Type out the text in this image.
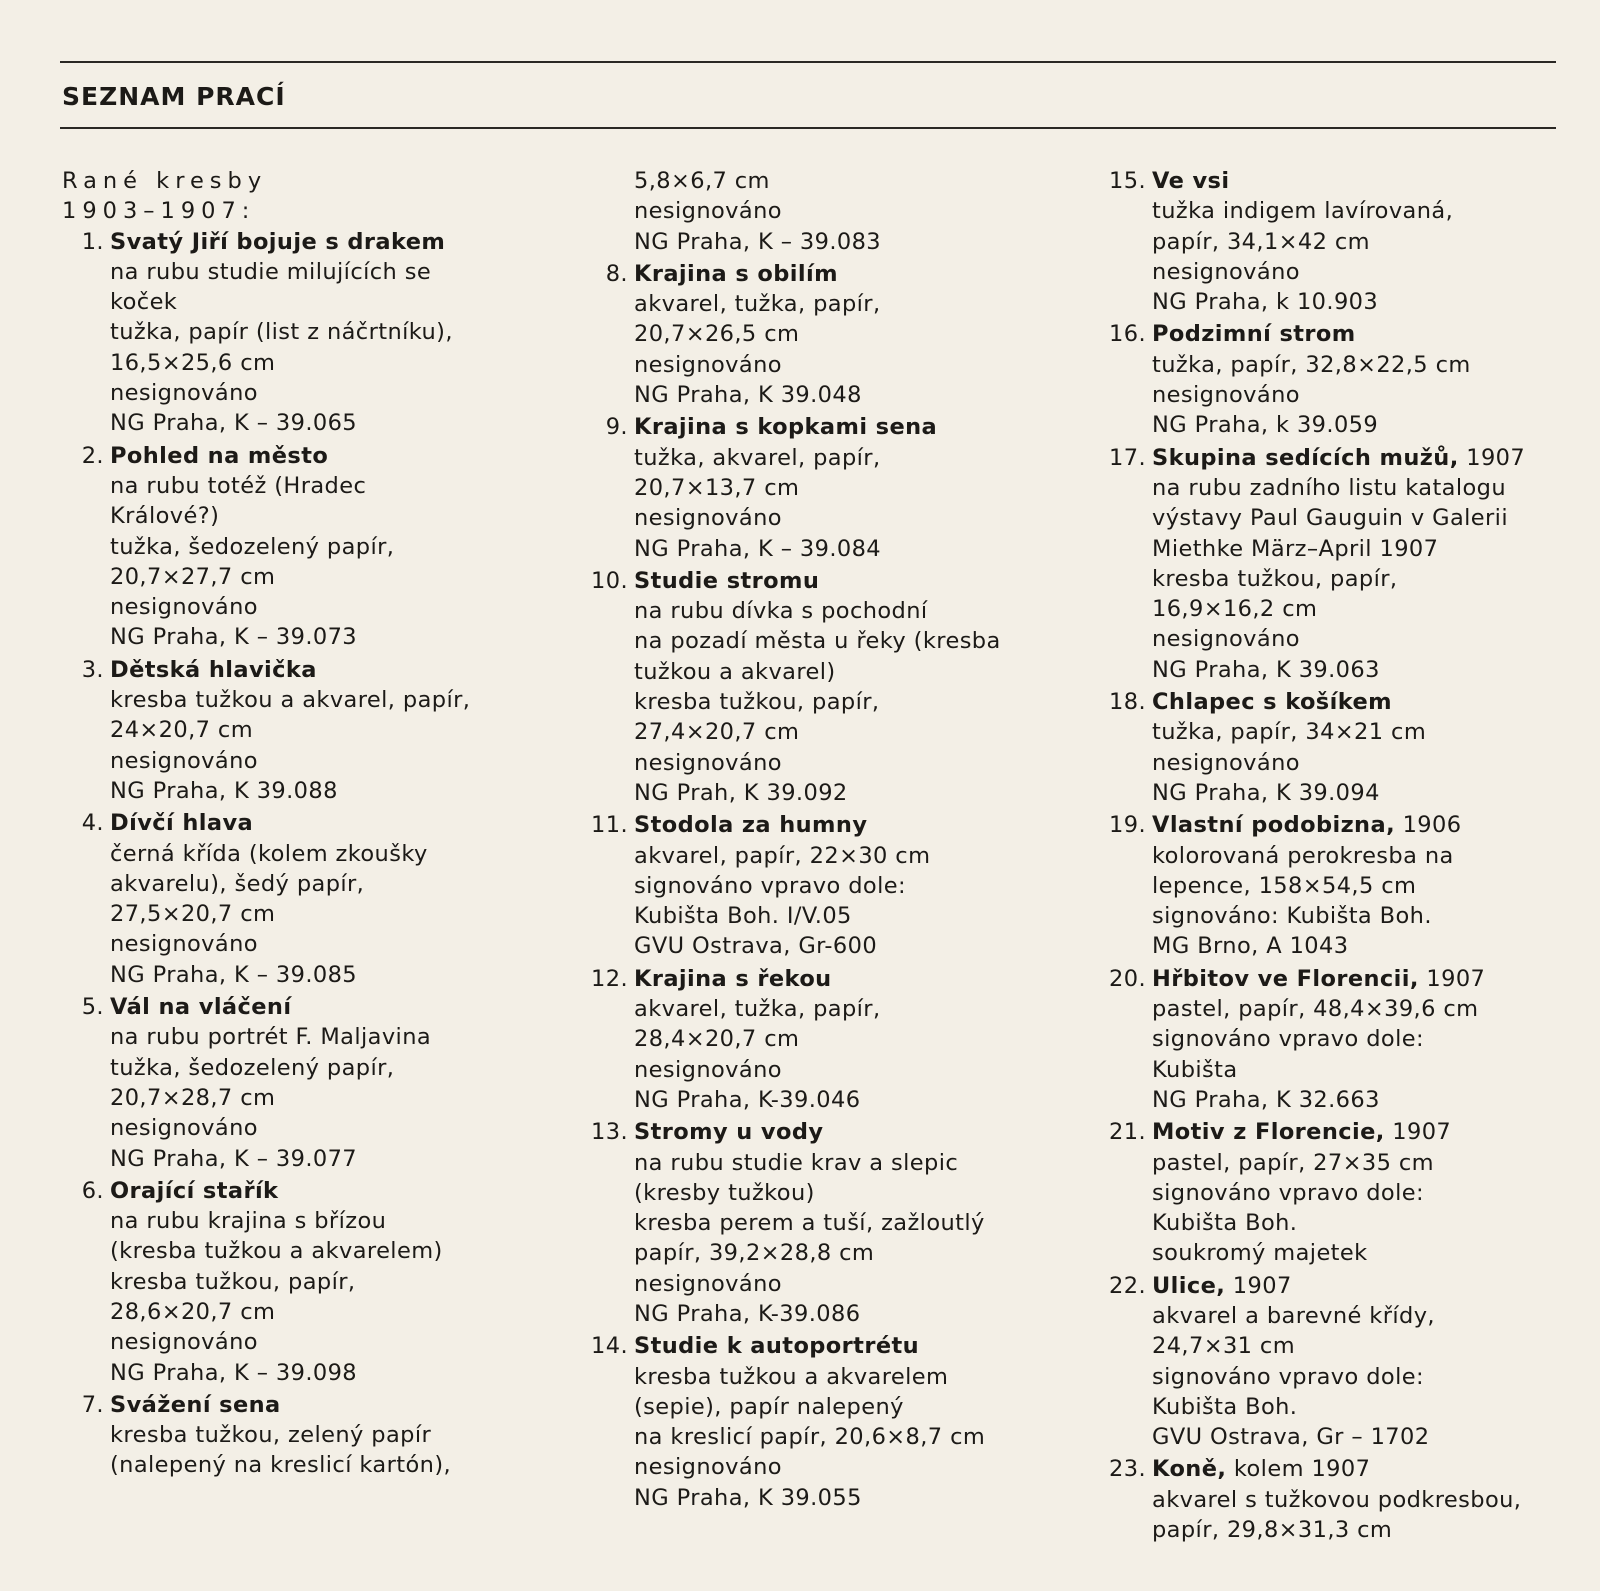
SEZNAM PRACÍ
Rané kresby
1903–1907:
1. Svatý Jiří bojuje s drakem
na rubu studie milujících se
koček
tužka, papír (list z náčrtníku),
16,5×25,6 cm
nesignováno
NG Praha, K – 39.065
2. Pohled na město
na rubu totéž (Hradec
Králové?)
tužka, šedozelený papír,
20,7×27,7 cm
nesignováno
NG Praha, K – 39.073
3. Dětská hlavička
kresba tužkou a akvarel, papír,
24×20,7 cm
nesignováno
NG Praha, K 39.088
4. Dívčí hlava
černá křída (kolem zkoušky
akvarelu), šedý papír,
27,5×20,7 cm
nesignováno
NG Praha, K – 39.085
5. Vál na vláčení
na rubu portrét F. Maljavina
tužka, šedozelený papír,
20,7×28,7 cm
nesignováno
NG Praha, K – 39.077
6. Orající stařík
na rubu krajina s břízou
(kresba tužkou a akvarelem)
kresba tužkou, papír,
28,6×20,7 cm
nesignováno
NG Praha, K – 39.098
7. Svážení sena
kresba tužkou, zelený papír
(nalepený na kreslicí kartón),
5,8×6,7 cm
nesignováno
NG Praha, K – 39.083
8. Krajina s obilím
akvarel, tužka, papír,
20,7×26,5 cm
nesignováno
NG Praha, K 39.048
9. Krajina s kopkami sena
tužka, akvarel, papír,
20,7×13,7 cm
nesignováno
NG Praha, K – 39.084
10. Studie stromu
na rubu dívka s pochodní
na pozadí města u řeky (kresba
tužkou a akvarel)
kresba tužkou, papír,
27,4×20,7 cm
nesignováno
NG Prah, K 39.092
11. Stodola za humny
akvarel, papír, 22×30 cm
signováno vpravo dole:
Kubišta Boh. I/V.05
GVU Ostrava, Gr-600
12. Krajina s řekou
akvarel, tužka, papír,
28,4×20,7 cm
nesignováno
NG Praha, K-39.046
13. Stromy u vody
na rubu studie krav a slepic
(kresby tužkou)
kresba perem a tuší, zažloutlý
papír, 39,2×28,8 cm
nesignováno
NG Praha, K-39.086
14. Studie k autoportrétu
kresba tužkou a akvarelem
(sepie), papír nalepený
na kreslicí papír, 20,6×8,7 cm
nesignováno
NG Praha, K 39.055
15. Ve vsi
tužka indigem lavírovaná,
papír, 34,1×42 cm
nesignováno
NG Praha, k 10.903
16. Podzimní strom
tužka, papír, 32,8×22,5 cm
nesignováno
NG Praha, k 39.059
17. Skupina sedících mužů, 1907
na rubu zadního listu katalogu
výstavy Paul Gauguin v Galerii
Miethke März–April 1907
kresba tužkou, papír,
16,9×16,2 cm
nesignováno
NG Praha, K 39.063
18. Chlapec s košíkem
tužka, papír, 34×21 cm
nesignováno
NG Praha, K 39.094
19. Vlastní podobizna, 1906
kolorovaná perokresba na
lepence, 158×54,5 cm
signováno: Kubišta Boh.
MG Brno, A 1043
20. Hřbitov ve Florencii, 1907
pastel, papír, 48,4×39,6 cm
signováno vpravo dole:
Kubišta
NG Praha, K 32.663
21. Motiv z Florencie, 1907
pastel, papír, 27×35 cm
signováno vpravo dole:
Kubišta Boh.
soukromý majetek
22. Ulice, 1907
akvarel a barevné křídy,
24,7×31 cm
signováno vpravo dole:
Kubišta Boh.
GVU Ostrava, Gr – 1702
23. Koně, kolem 1907
akvarel s tužkovou podkresbou,
papír, 29,8×31,3 cm
